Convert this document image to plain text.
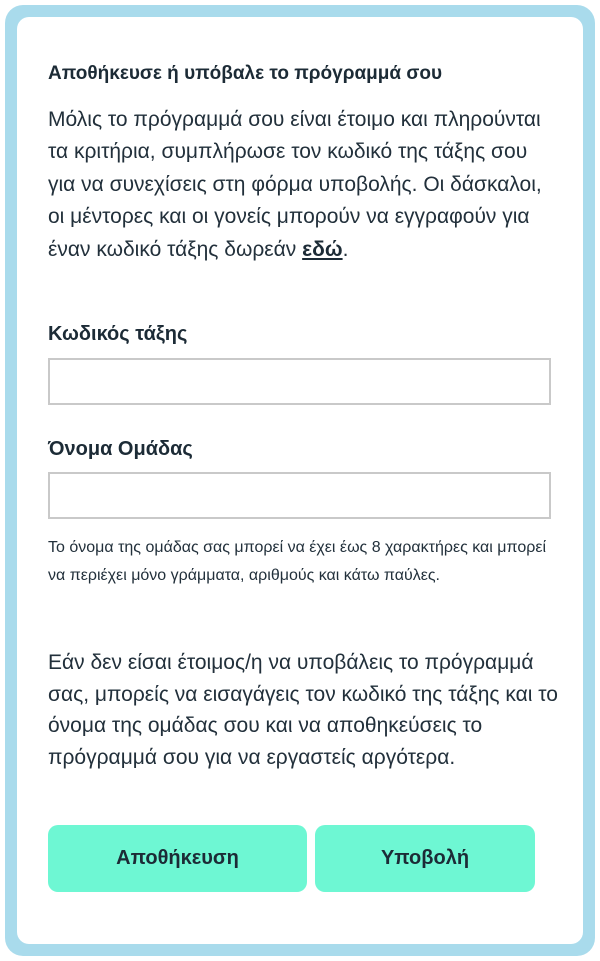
Αποθήκευσε ή υπόβαλε το πρόγραμμά σου

Μόλις το πρόγραμμά σου είναι έτοιμο και πληρούνται τα κριτήρια, συμπλήρωσε τον κωδικό της τάξης σου για να συνεχίσεις στη φόρμα υποβολής. Οι δάσκαλοι, οι μέντορες και οι γονείς μπορούν να εγγραφούν για έναν κωδικό τάξης δωρεάν εδώ.

Κωδικός τάξης
Όνομα Ομάδας

Το όνομα της ομάδας σας μπορεί να έχει έως 8 χαρακτήρες και μπορεί να περιέχει μόνο γράμματα, αριθμούς και κάτω παύλες.

Εάν δεν είσαι έτοιμος/η να υποβάλεις το πρόγραμμά σας, μπορείς να εισαγάγεις τον κωδικό της τάξης και το όνομα της ομάδας σου και να αποθηκεύσεις το πρόγραμμά σου για να εργαστείς αργότερα.

Αποθήκευση	Υποβολή
